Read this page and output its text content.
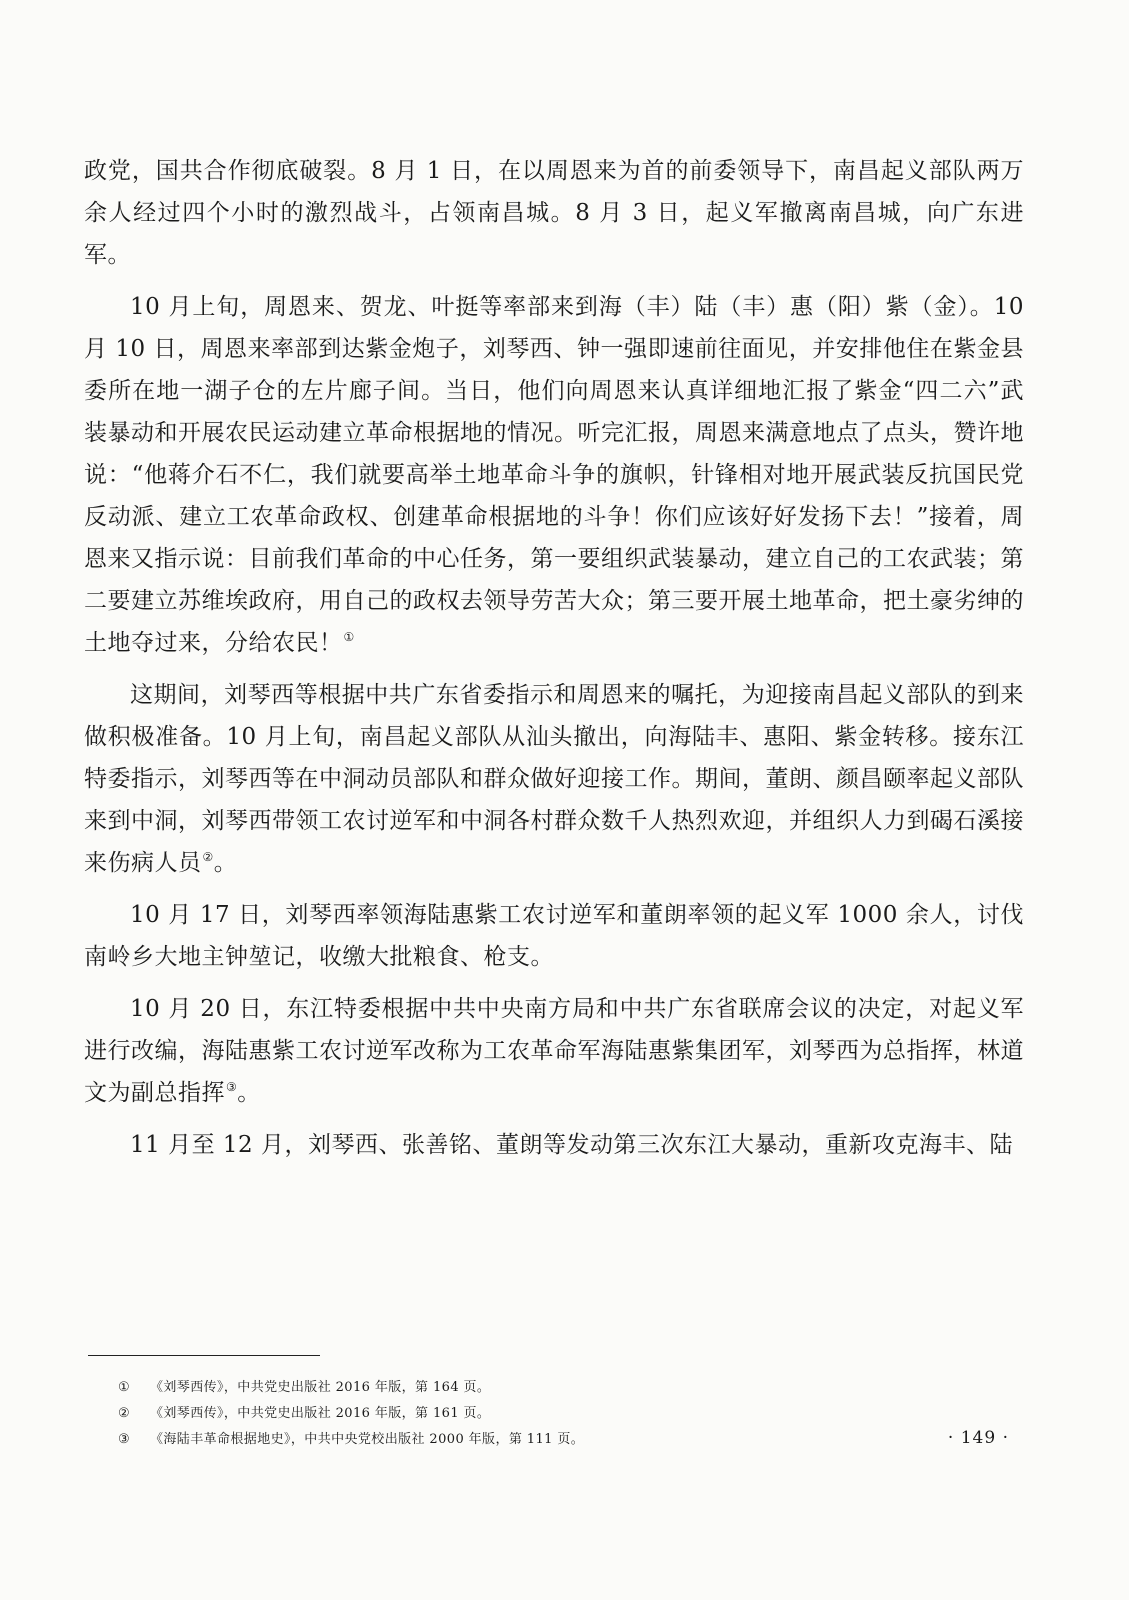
政党，国共合作彻底破裂。8 月 1 日，在以周恩来为首的前委领导下，南昌起义部队两万余人经过四个小时的激烈战斗，占领南昌城。8 月 3 日，起义军撤离南昌城，向广东进军。

10 月上旬，周恩来、贺龙、叶挺等率部来到海（丰）陆（丰）惠（阳）紫（金）。10 月 10 日，周恩来率部到达紫金炮子，刘琴西、钟一强即速前往面见，并安排他住在紫金县委所在地一湖子仓的左片廊子间。当日，他们向周恩来认真详细地汇报了紫金“四二六”武装暴动和开展农民运动建立革命根据地的情况。听完汇报，周恩来满意地点了点头，赞许地说：“他蒋介石不仁，我们就要高举土地革命斗争的旗帜，针锋相对地开展武装反抗国民党反动派、建立工农革命政权、创建革命根据地的斗争！你们应该好好发扬下去！”接着，周恩来又指示说：目前我们革命的中心任务，第一要组织武装暴动，建立自己的工农武装；第二要建立苏维埃政府，用自己的政权去领导劳苦大众；第三要开展土地革命，把土豪劣绅的土地夺过来，分给农民！①

这期间，刘琴西等根据中共广东省委指示和周恩来的嘱托，为迎接南昌起义部队的到来做积极准备。10 月上旬，南昌起义部队从汕头撤出，向海陆丰、惠阳、紫金转移。接东江特委指示，刘琴西等在中洞动员部队和群众做好迎接工作。期间，董朗、颜昌颐率起义部队来到中洞，刘琴西带领工农讨逆军和中洞各村群众数千人热烈欢迎，并组织人力到碣石溪接来伤病人员②。

10 月 17 日，刘琴西率领海陆惠紫工农讨逆军和董朗率领的起义军 1000 余人，讨伐南岭乡大地主钟堃记，收缴大批粮食、枪支。

10 月 20 日，东江特委根据中共中央南方局和中共广东省联席会议的决定，对起义军进行改编，海陆惠紫工农讨逆军改称为工农革命军海陆惠紫集团军，刘琴西为总指挥，林道文为副总指挥③。

11 月至 12 月，刘琴西、张善铭、董朗等发动第三次东江大暴动，重新攻克海丰、陆

① 《刘琴西传》，中共党史出版社 2016 年版，第 164 页。
② 《刘琴西传》，中共党史出版社 2016 年版，第 161 页。
③ 《海陆丰革命根据地史》，中共中央党校出版社 2000 年版，第 111 页。	· 149 ·
